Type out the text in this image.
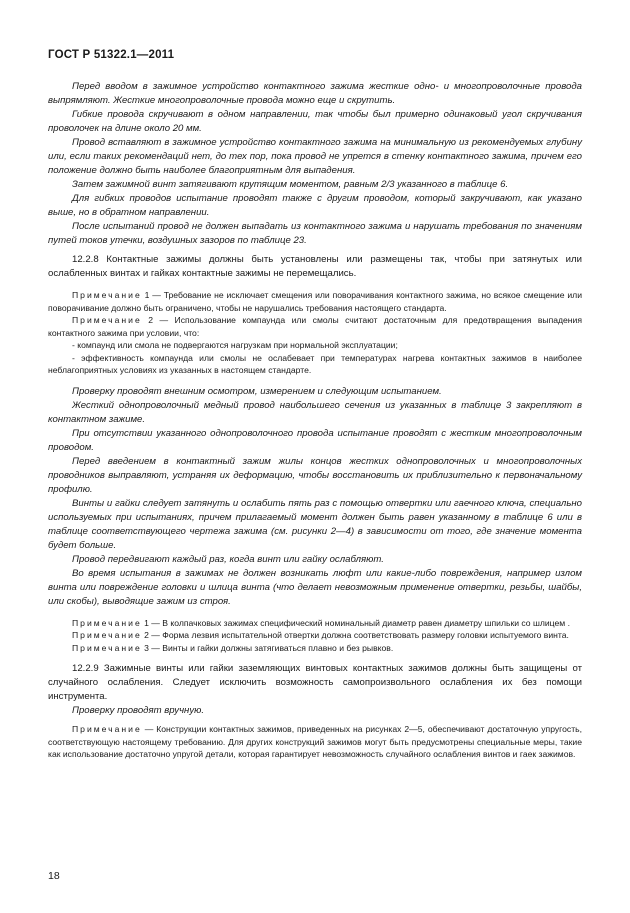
ГОСТ Р 51322.1—2011

Перед вводом в зажимное устройство контактного зажима жесткие одно- и многопроволочные провода выпрямляют. Жесткие многопроволочные провода можно еще и скрутить.

Гибкие провода скручивают в одном направлении, так чтобы был примерно одинаковый угол скручивания проволочек на длине около 20 мм.

Провод вставляют в зажимное устройство контактного зажима на минимальную из рекомендуемых глубину или, если таких рекомендаций нет, до тех пор, пока провод не упрется в стенку контактного зажима, причем его положение должно быть наиболее благоприятным для выпадения.

Затем зажимной винт затягивают крутящим моментом, равным 2/3 указанного в таблице 6.

Для гибких проводов испытание проводят также с другим проводом, который закручивают, как указано выше, но в обратном направлении.

После испытаний провод не должен выпадать из контактного зажима и нарушать требования по значениям путей токов утечки, воздушных зазоров по таблице 23.

12.2.8 Контактные зажимы должны быть установлены или размещены так, чтобы при затянутых или ослабленных винтах и гайках контактные зажимы не перемещались.

Примечание 1 — Требование не исключает смещения или поворачивания контактного зажима, но всякое смещение или поворачивание должно быть ограничено, чтобы не нарушались требования настоящего стандарта.

Примечание 2 — Использование компаунда или смолы считают достаточным для предотвращения выпадения контактного зажима при условии, что:

- компаунд или смола не подвергаются нагрузкам при нормальной эксплуатации;

- эффективность компаунда или смолы не ослабевает при температурах нагрева контактных зажимов в наиболее неблагоприятных условиях из указанных в настоящем стандарте.

Проверку проводят внешним осмотром, измерением и следующим испытанием.

Жесткий однопроволочный медный провод наибольшего сечения из указанных в таблице 3 закрепляют в контактном зажиме.

При отсутствии указанного однопроволочного провода испытание проводят с жестким многопроволочным проводом.

Перед введением в контактный зажим жилы концов жестких однопроволочных и многопроволочных проводников выправляют, устраняя их деформацию, чтобы восстановить их приблизительно к первоначальному профилю.

Винты и гайки следует затянуть и ослабить пять раз с помощью отвертки или гаечного ключа, специально используемых при испытаниях, причем прилагаемый момент должен быть равен указанному в таблице 6 или в таблице соответствующего чертежа зажима (см. рисунки 2—4) в зависимости от того, где значение момента будет больше.

Провод передвигают каждый раз, когда винт или гайку ослабляют.

Во время испытания в зажимах не должен возникать люфт или какие-либо повреждения, например излом винта или повреждение головки и шлица винта (что делает невозможным применение отвертки, резьбы, шайбы, или скобы), выводящие зажим из строя.

Примечание 1 — В колпачковых зажимах специфический номинальный диаметр равен диаметру шпильки со шлицем .

Примечание 2 — Форма лезвия испытательной отвертки должна соответствовать размеру головки испытуемого винта.

Примечание 3 — Винты и гайки должны затягиваться плавно и без рывков.

12.2.9 Зажимные винты или гайки заземляющих винтовых контактных зажимов должны быть защищены от случайного ослабления. Следует исключить возможность самопроизвольного ослабления их без помощи инструмента.

Проверку проводят вручную.

Примечание — Конструкции контактных зажимов, приведенных на рисунках 2—5, обеспечивают достаточную упругость, соответствующую настоящему требованию. Для других конструкций зажимов могут быть предусмотрены специальные меры, такие как использование достаточно упругой детали, которая гарантирует невозможность случайного ослабления винтов и гаек зажимов.

18
